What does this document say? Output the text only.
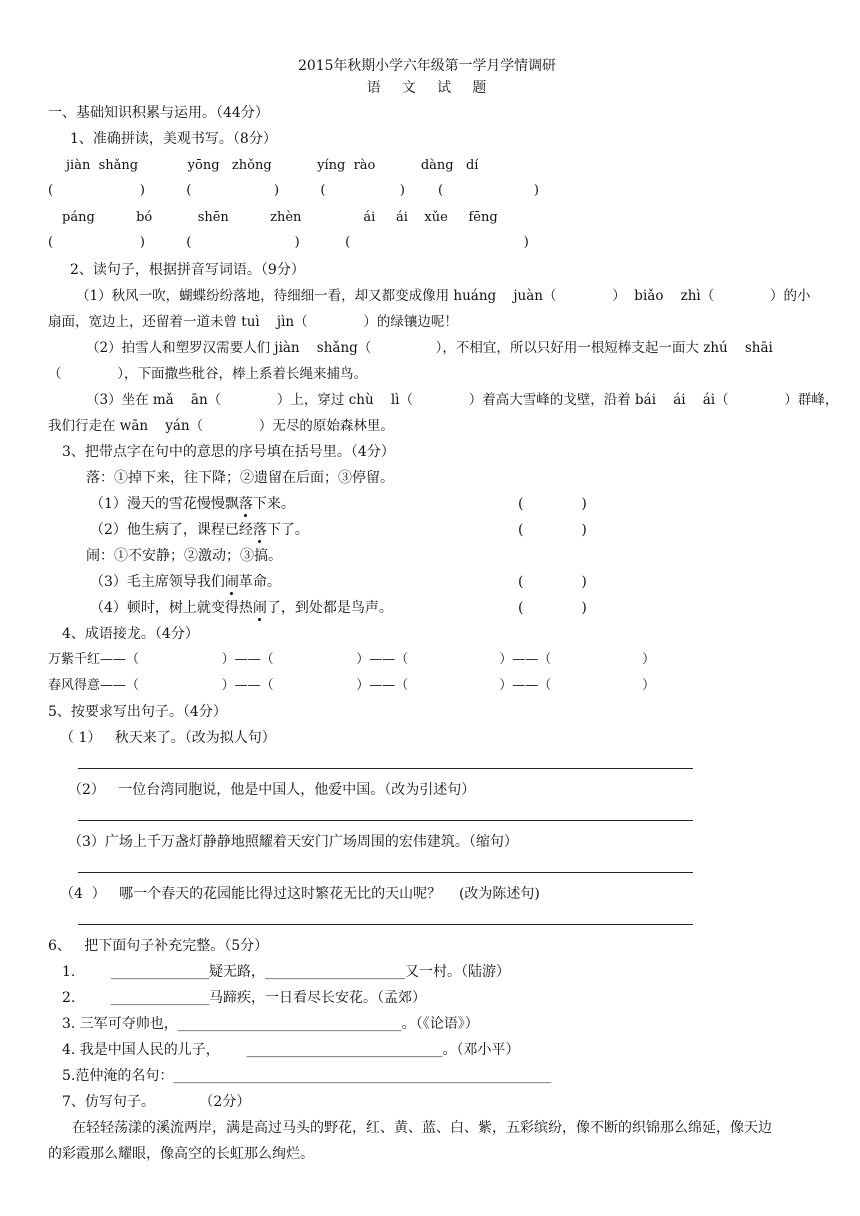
2015年秋期小学六年级第一学月学情调研
语　 文　 试　 题
一、基础知识积累与运用。（44分）
1、准确拼读，美观书写。（8分）
jiàn  shǎng            yōng   zhǒng           yíng  rào           dàng   dí
(                     )          (                    )          (                  )        (                      )
páng          bó           shēn          zhèn               ái     ái    xǔe     fēng
(                     )          (                         )           (                                          )
2、读句子，根据拼音写词语。（9分）
（1）秋风一吹，蝴蝶纷纷落地，待细细一看，却又都变成像用 huáng    juàn（             ）  biǎo    zhì（             ）的小
扇面，宽边上，还留着一道未曾 tuì    jìn（             ）的绿镶边呢！
（2）拍雪人和塑罗汉需要人们 jiàn    shǎng（               ），不相宜，所以只好用一根短棒支起一面大 zhú    shāi
（             ），下面撒些秕谷，棒上系着长绳来捕鸟。
（3）坐在 mǎ    ān（             ）上，穿过 chù    lì（             ）着高大雪峰的戈壁，沿着 bái    ái    ái（             ）群峰，
我们行走在 wān    yán（             ）无尽的原始森林里。
3、把带点字在句中的意思的序号填在括号里。（4分）
落：①掉下来，往下降；②遗留在后面；③停留。
（1）漫天的雪花慢慢飘落下来。	(             )
（2）他生病了，课程已经落下了。	(             )
闹：①不安静；②激动；③搞。
（3）毛主席领导我们闹革命。	(             )
（4）顿时，树上就变得热闹了，到处都是鸟声。	(             )
4、成语接龙。（4分）
万紫千红——（                    ）——（                    ）——（                      ）——（                      ）
春风得意——（                    ）——（                    ）——（                      ）——（                      ）
5、按要求写出句子。（4分）
（ 1）   秋天来了。（改为拟人句）
（2）   一位台湾同胞说，他是中国人，他爱中国。（改为引述句）
（3）广场上千万盏灯静静地照耀着天安门广场周围的宏伟建筑。（缩句）
（4  ）   哪一个春天的花园能比得过这时繁花无比的天山呢？    (改为陈述句)
6、   把下面句子补充完整。（5分）
1.        ______________疑无路，____________________又一村。（陆游）
2.        ______________马蹄疾，一日看尽长安花。（孟郊）
3. 三军可夺帅也，________________________________。（《论语》）
4. 我是中国人民的儿子，      ____________________________。（邓小平）
5.范仲淹的名句：______________________________________________________
7、仿写句子。          （2分）
在轻轻荡漾的溪流两岸，满是高过马头的野花，红、黄、蓝、白、紫，五彩缤纷，像不断的织锦那么绵延，像天边
的彩霞那么耀眼，像高空的长虹那么绚烂。
